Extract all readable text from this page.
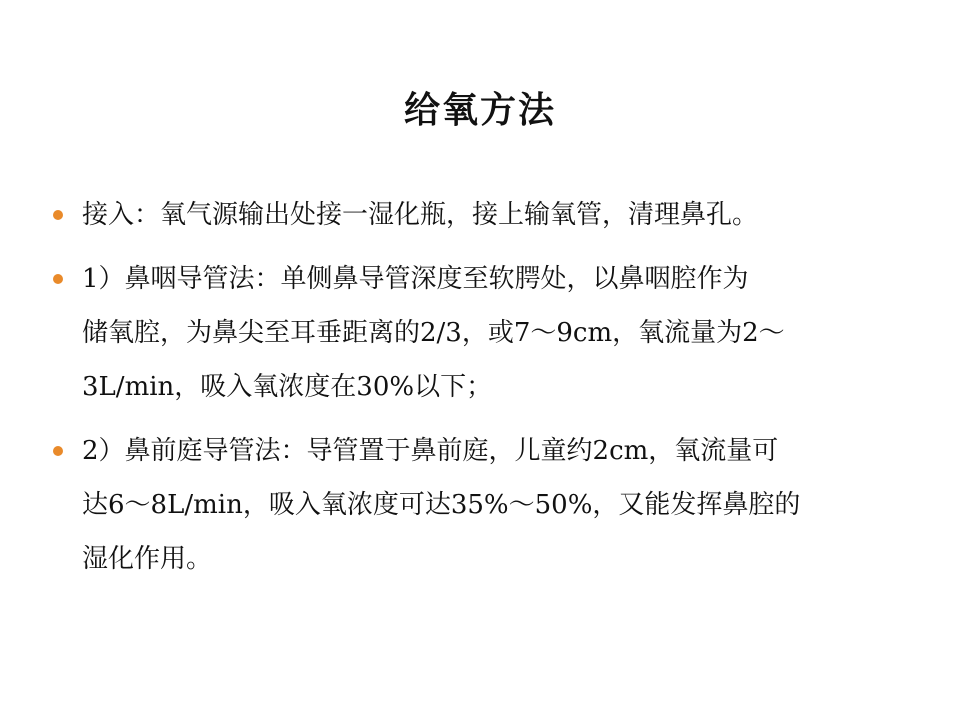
给氧方法
接入：氧气源输出处接一湿化瓶，接上输氧管，清理鼻孔。
1）鼻咽导管法：单侧鼻导管深度至软腭处，以鼻咽腔作为
储氧腔，为鼻尖至耳垂距离的2/3，或7～9cm，氧流量为2～
3L/min，吸入氧浓度在30%以下；
2）鼻前庭导管法：导管置于鼻前庭，儿童约2cm，氧流量可
达6～8L/min，吸入氧浓度可达35%～50%，又能发挥鼻腔的
湿化作用。
